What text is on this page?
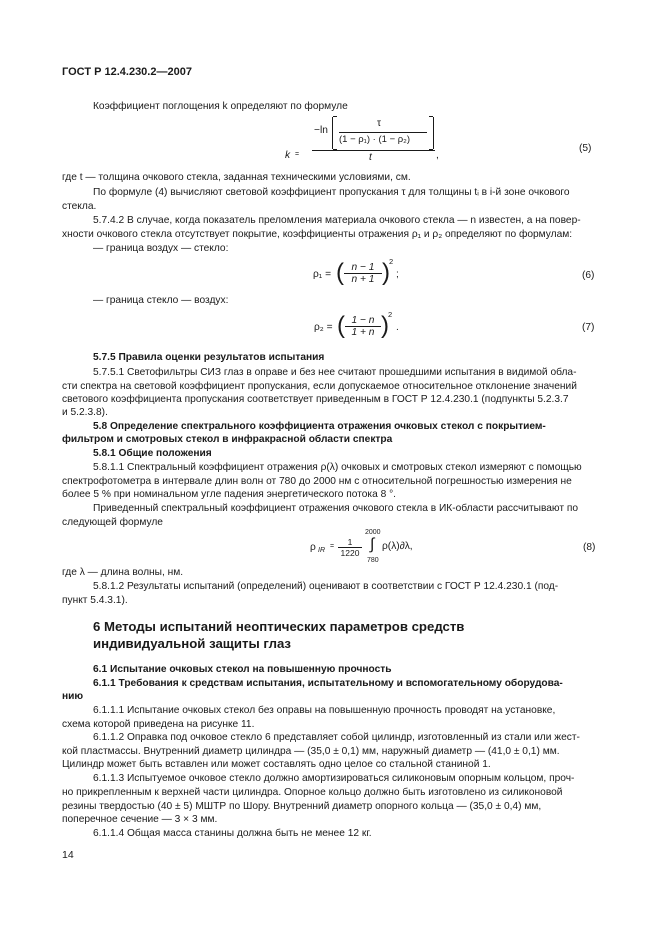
ГОСТ Р 12.4.230.2—2007
Коэффициент поглощения k определяют по формуле
k =
−ln
τ
(1 − ρ₁) · (1 − ρ₂)
t	,
(5)
где t — толщина очкового стекла, заданная техническими условиями, см.
По формуле (4) вычисляют световой коэффициент пропускания τ для толщины tᵢ в i-й зоне очкового
стекла.
5.7.4.2 В случае, когда показатель преломления материала очкового стекла — n известен, а на повер-
хности очкового стекла отсутствует покрытие, коэффициенты отражения ρ₁ и ρ₂ определяют по формулам:
— граница воздух — стекло:
ρ₁ = ( $\frac{n - 1}{n + 1}$ ) 2
;	(6)
— граница стекло — воздух:
ρ₂ = ( $\frac{1 - n}{1 + n}$ ) 2
.	(7)
5.7.5 Правила оценки результатов испытания
5.7.5.1 Светофильтры СИЗ глаз в оправе и без нее считают прошедшими испытания в видимой обла-
сти спектра на световой коэффициент пропускания, если допускаемое относительное отклонение значений
светового коэффициента пропускания соответствует приведенным в ГОСТ Р 12.4.230.1 (подпункты 5.2.3.7
и 5.2.3.8).
5.8 Определение спектрального коэффициента отражения очковых стекол с покрытием-
фильтром и смотровых стекол в инфракрасной области спектра
5.8.1 Общие положения
5.8.1.1 Спектральный коэффициент отражения ρ(λ) очковых и смотровых стекол измеряют с помощью
спектрофотометра в интервале длин волн от 780 до 2000 нм с относительной погрешностью измерения не
более 5 % при номинальном угле падения энергетического потока 8 °.
Приведенный спектральный коэффициент отражения очкового стекла в ИК-области рассчитывают по
следующей формуле
ρ IR
=	1
1220
2000
∫
780
ρ(λ)∂λ,	(8)
где λ — длина волны, нм.
5.8.1.2 Результаты испытаний (определений) оценивают в соответствии с ГОСТ Р 12.4.230.1 (под-
пункт 5.4.3.1).
6 Методы испытаний неоптических параметров средств
индивидуальной защиты глаз
6.1 Испытание очковых стекол на повышенную прочность
6.1.1 Требования к средствам испытания, испытательному и вспомогательному оборудова-
нию
6.1.1.1 Испытание очковых стекол без оправы на повышенную прочность проводят на установке,
схема которой приведена на рисунке 11.
6.1.1.2 Оправка под очковое стекло 6 представляет собой цилиндр, изготовленный из стали или жест-
кой пластмассы. Внутренний диаметр цилиндра — (35,0 ± 0,1) мм, наружный диаметр — (41,0 ± 0,1) мм.
Цилиндр может быть вставлен или может составлять одно целое со стальной станиной 1.
6.1.1.3 Испытуемое очковое стекло должно амортизироваться силиконовым опорным кольцом, проч-
но прикрепленным к верхней части цилиндра. Опорное кольцо должно быть изготовлено из силиконовой
резины твердостью (40 ± 5) МШТР по Шору. Внутренний диаметр опорного кольца — (35,0 ± 0,4) мм,
поперечное сечение — 3 × 3 мм.
6.1.1.4 Общая масса станины должна быть не менее 12 кг.
14
